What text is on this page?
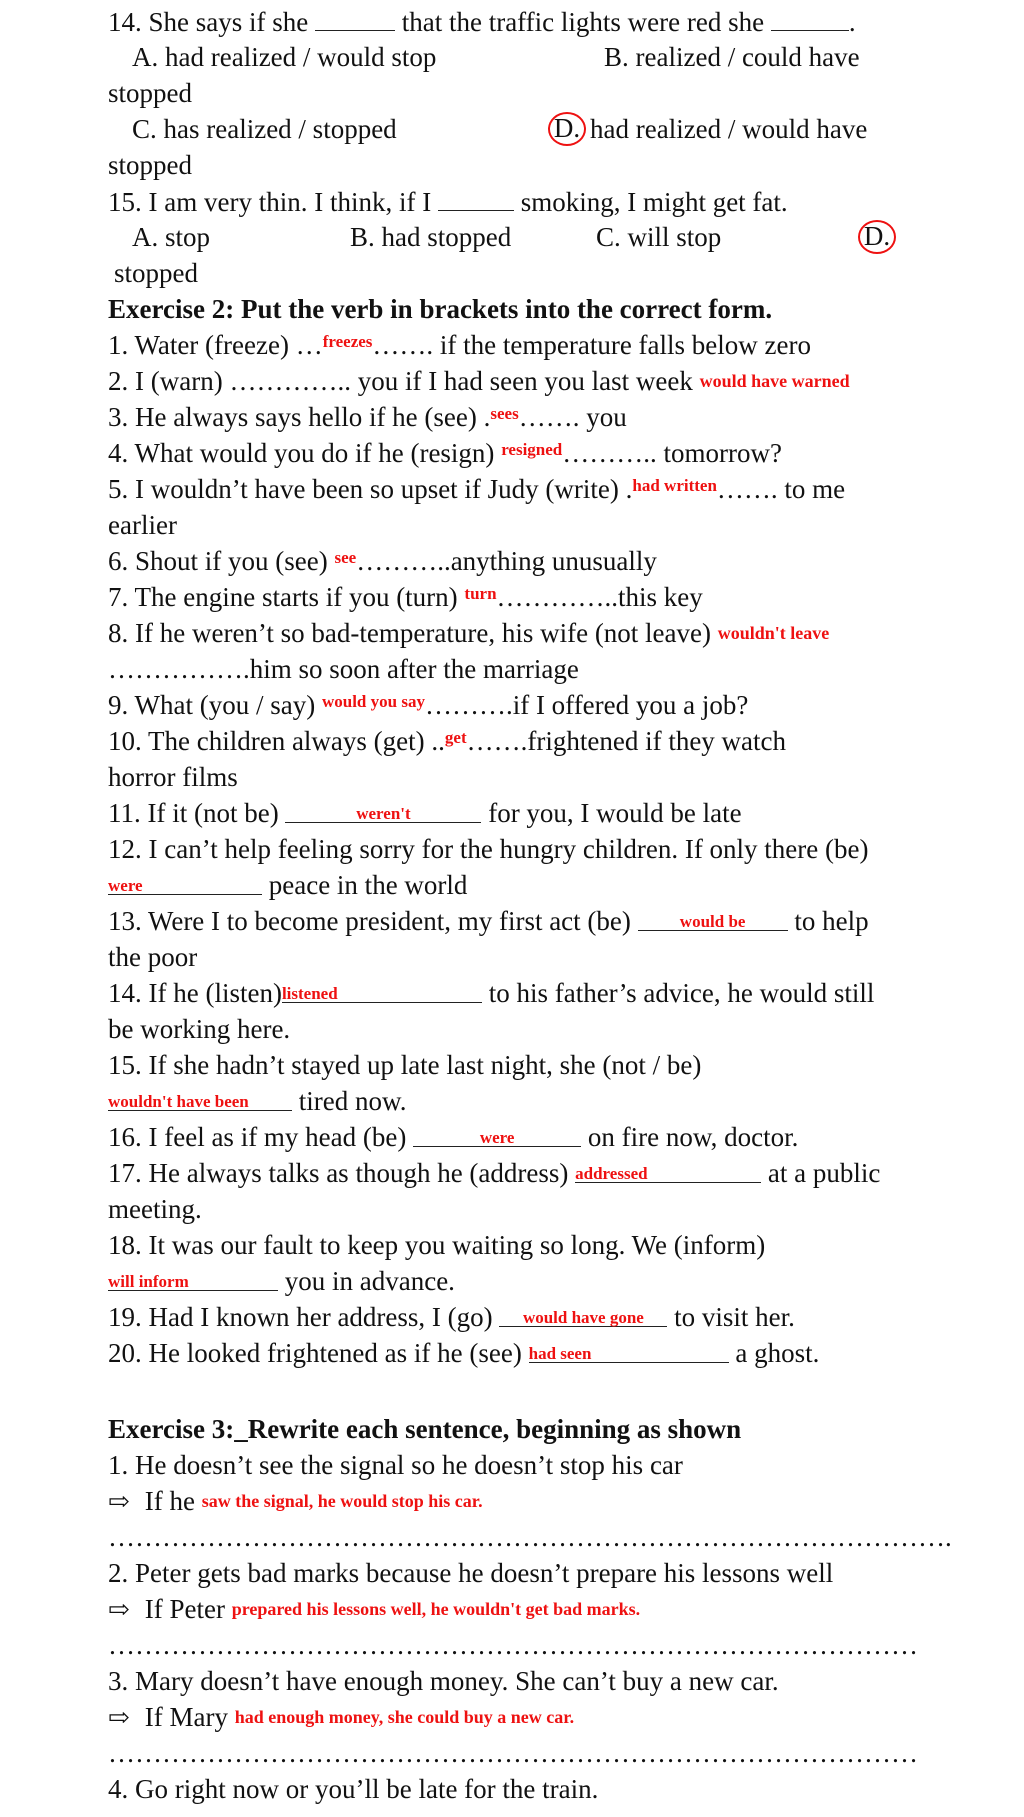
14. She says if she	that the traffic lights were red she	.
A. had realized / would stop	B. realized / could have
stopped
C. has realized / stopped	D. had realized / would have
stopped
15. I am very thin. I think, if I	smoking, I might get fat.
A. stop	B. had stopped	C. will stop	D.
stopped
Exercise 2: Put the verb in brackets into the correct form.
1. Water (freeze) …$^{freezes}$……. if the temperature falls below zero
2. I (warn) ………….. you if I had seen you last week would have warned
3. He always says hello if he (see) .$^{sees}$……. you
4. What would you do if he (resign) $^{resigned}$……….. tomorrow?
5. I wouldn’t have been so upset if Judy (write) .$^{had written}$……. to me
earlier
6. Shout if you (see) $^{see}$………..anything unusually
7. The engine starts if you (turn) $^{turn}$…………..this key
8. If he weren’t so bad-temperature, his wife (not leave) wouldn't leave
…………….him so soon after the marriage
9. What (you / say) $^{would you say}$……….if I offered you a job?
10. The children always (get) ..$^{get}$…….frightened if they watch
horror films
11. If it (not be)	weren't	for you, I would be late
12. I can’t help feeling sorry for the hungry children. If only there (be)
were	peace in the world
13. Were I to become president, my first act (be)	would be to help
the poor
14. If he (listen)listened	to his father’s advice, he would still
be working here.
15. If she hadn’t stayed up late last night, she (not / be)
wouldn't have been tired now.
16. I feel as if my head (be)	were	on fire now, doctor.
17. He always talks as though he (address) addressed	at a public
meeting.
18. It was our fault to keep you waiting so long. We (inform)
will inform	you in advance.
19. Had I known her address, I (go) would have gone to visit her.
20. He looked frightened as if he (see) had seen	a ghost.
Exercise 3:_Rewrite each sentence, beginning as shown
1. He doesn’t see the signal so he doesn’t stop his car
⇨ If he saw the signal, he would stop his car.
………………………………………………………………………………….
2. Peter gets bad marks because he doesn’t prepare his lessons well
⇨ If Peter prepared his lessons well, he wouldn't get bad marks.
………………………………………………………………………………
3. Mary doesn’t have enough money. She can’t buy a new car.
⇨ If Mary had enough money, she could buy a new car.
………………………………………………………………………………
4. Go right now or you’ll be late for the train.
